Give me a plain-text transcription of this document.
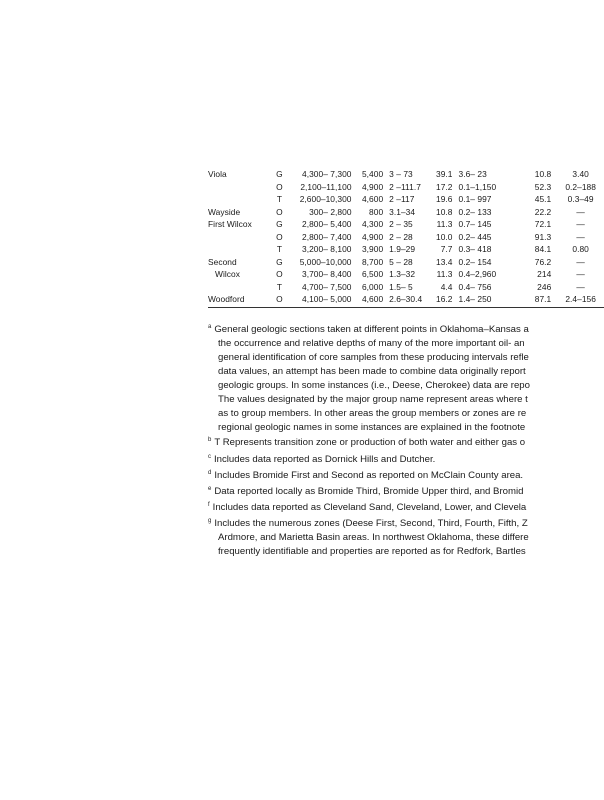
Viola	G	4,300– 7,300	5,400	3 – 73	39.1	3.6– 23	10.8	3.40
	O	2,100–11,100	4,900	2 –111.7	17.2	0.1–1,150	52.3	0.2–188
	T	2,600–10,300	4,600	2 –117	19.6	0.1– 997	45.1	0.3–49
Wayside	O	300– 2,800	800	3.1–34	10.8	0.2– 133	22.2	—
First Wilcox	G	2,800– 5,400	4,300	2 – 35	11.3	0.7– 145	72.1	—
	O	2,800– 7,400	4,900	2 – 28	10.0	0.2– 445	91.3	—
	T	3,200– 8,100	3,900	1.9–29	7.7	0.3– 418	84.1	0.80
Second	G	5,000–10,000	8,700	5 – 28	13.4	0.2– 154	76.2	—
Wilcox	O	3,700– 8,400	6,500	1.3–32	11.3	0.4–2,960	214	—
	T	4,700– 7,500	6,000	1.5– 5	4.4	0.4– 756	246	—
Woodford	O	4,100– 5,000	4,600	2.6–30.4	16.2	1.4– 250	87.1	2.4–156
$^a$ General geologic sections taken at different points in Oklahoma–Kansas a
the occurrence and relative depths of many of the more important oil- an
general identification of core samples from these producing intervals refle
data values, an attempt has been made to combine data originally report
geologic groups. In some instances (i.e., Deese, Cherokee) data are repo
The values designated by the major group name represent areas where t
as to group members. In other areas the group members or zones are re
regional geologic names in some instances are explained in the footnote
$^b$ T Represents transition zone or production of both water and either gas o
$^c$ Includes data reported as Dornick Hills and Dutcher.
$^d$ Includes Bromide First and Second as reported on McClain County area.
$^e$ Data reported locally as Bromide Third, Bromide Upper third, and Bromid
$^f$ Includes data reported as Cleveland Sand, Cleveland, Lower, and Clevela
$^g$ Includes the numerous zones (Deese First, Second, Third, Fourth, Fifth, Z
Ardmore, and Marietta Basin areas. In northwest Oklahoma, these differe
frequently identifiable and properties are reported as for Redfork, Bartles
